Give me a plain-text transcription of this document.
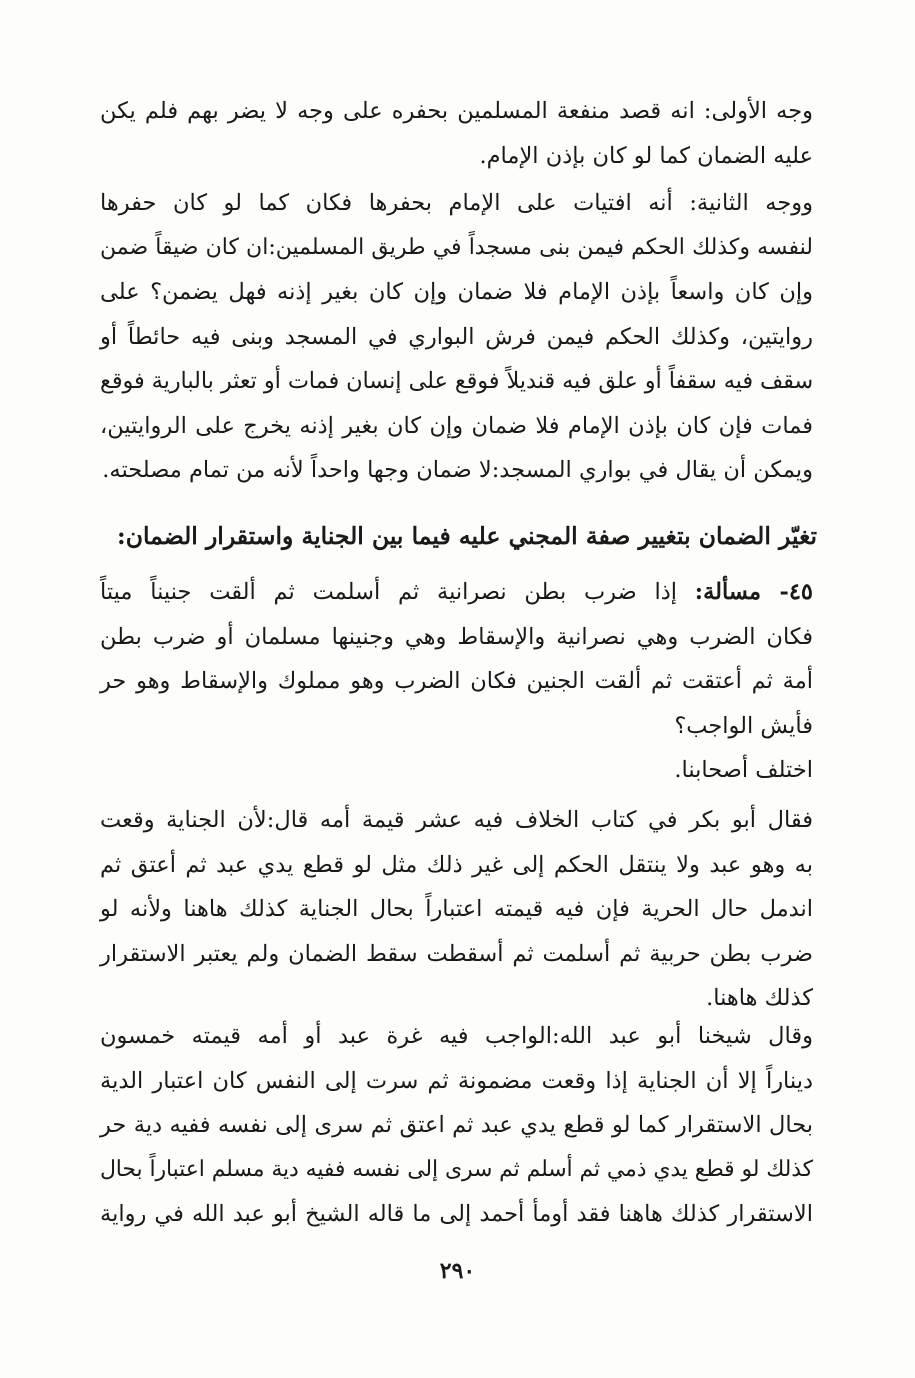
وجه الأولى: انه قصد منفعة المسلمين بحفره على وجه لا يضر بهم فلم يكن
عليه الضمان كما لو كان بإذن الإمام.
ووجه الثانية: أنه افتيات على الإمام بحفرها فكان كما لو كان حفرها
لنفسه وكذلك الحكم فيمن بنى مسجداً في طريق المسلمين:ان كان ضيقاً ضمن
وإن كان واسعاً بإذن الإمام فلا ضمان وإن كان بغير إذنه فهل يضمن؟ على
روايتين، وكذلك الحكم فيمن فرش البواري في المسجد وبنى فيه حائطاً أو
سقف فيه سقفاً أو علق فيه قنديلاً فوقع على إنسان فمات أو تعثر بالبارية فوقع
فمات فإن كان بإذن الإمام فلا ضمان وإن كان بغير إذنه يخرج على الروايتين،
ويمكن أن يقال في بواري المسجد:لا ضمان وجها واحداً لأنه من تمام مصلحته.
تغيّر الضمان بتغيير صفة المجني عليه فيما بين الجناية واستقرار الضمان:
٤٥- مسألة: إذا ضرب بطن نصرانية ثم أسلمت ثم ألقت جنيناً ميتاً
فكان الضرب وهي نصرانية والإسقاط وهي وجنينها مسلمان أو ضرب بطن
أمة ثم أعتقت ثم ألقت الجنين فكان الضرب وهو مملوك والإسقاط وهو حر
فأيش الواجب؟
اختلف أصحابنا.
فقال أبو بكر في كتاب الخلاف فيه عشر قيمة أمه قال:لأن الجناية وقعت
به وهو عبد ولا ينتقل الحكم إلى غير ذلك مثل لو قطع يدي عبد ثم أعتق ثم
اندمل حال الحرية فإن فيه قيمته اعتباراً بحال الجناية كذلك هاهنا ولأنه لو
ضرب بطن حربية ثم أسلمت ثم أسقطت سقط الضمان ولم يعتبر الاستقرار
كذلك هاهنا.
وقال شيخنا أبو عبد الله:الواجب فيه غرة عبد أو أمه قيمته خمسون
ديناراً إلا أن الجناية إذا وقعت مضمونة ثم سرت إلى النفس كان اعتبار الدية
بحال الاستقرار كما لو قطع يدي عبد ثم اعتق ثم سرى إلى نفسه ففيه دية حر
كذلك لو قطع يدي ذمي ثم أسلم ثم سرى إلى نفسه ففيه دية مسلم اعتباراً بحال
الاستقرار كذلك هاهنا فقد أومأ أحمد إلى ما قاله الشيخ أبو عبد الله في رواية
٢٩٠
